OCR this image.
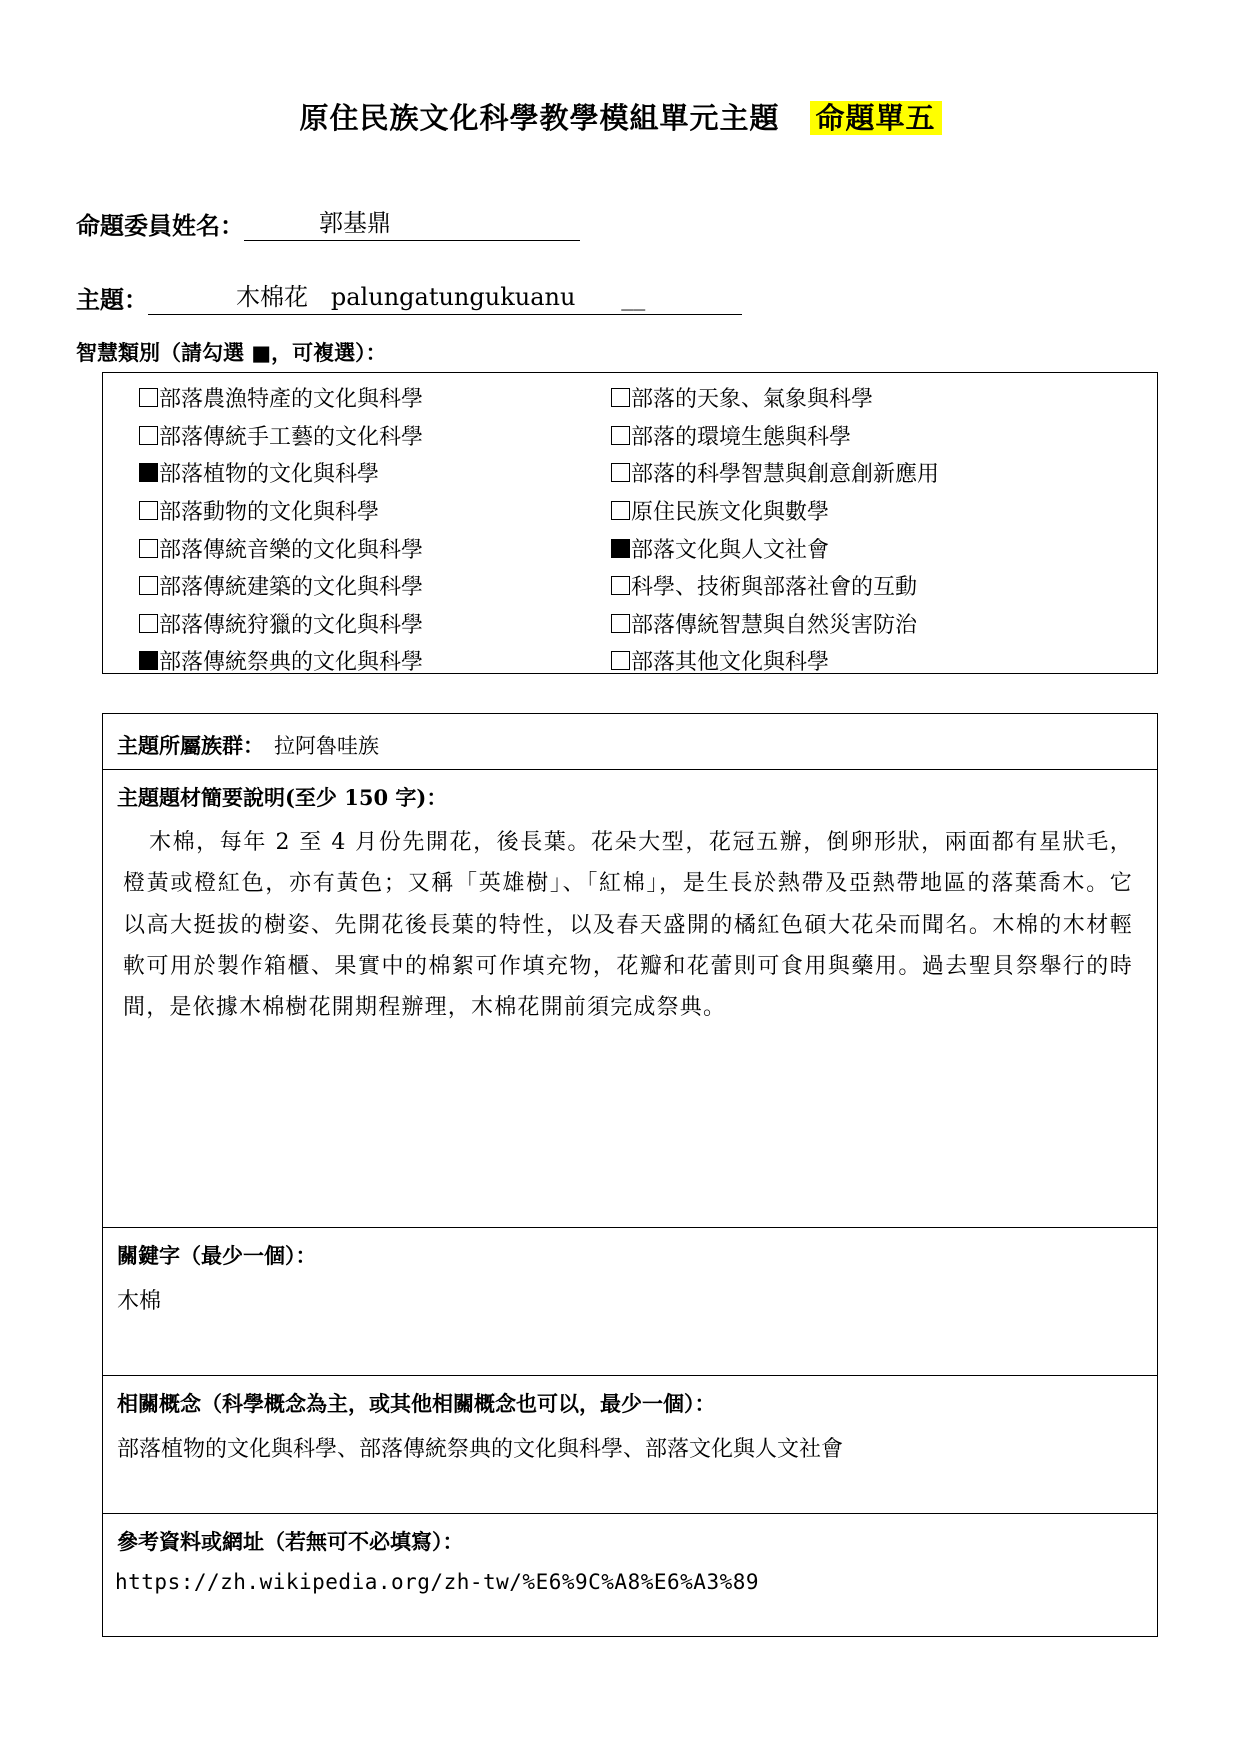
原住民族文化科學教學模組單元主題 命題單五
命題委員姓名：	郭基鼎
主題：	木棉花   palungatungukuanu      __
智慧類別（請勾選 ■，可複選）：
部落農漁特產的文化與科學
部落傳統手工藝的文化科學
部落植物的文化與科學
部落動物的文化與科學
部落傳統音樂的文化與科學
部落傳統建築的文化與科學
部落傳統狩獵的文化與科學
部落傳統祭典的文化與科學
部落的天象、氣象與科學
部落的環境生態與科學
部落的科學智慧與創意創新應用
原住民族文化與數學
部落文化與人文社會
科學、技術與部落社會的互動
部落傳統智慧與自然災害防治
部落其他文化與科學
主題所屬族群： 拉阿魯哇族
主題題材簡要說明(至少 150 字)：
木棉，每年 2 至 4 月份先開花，後長葉。花朵大型，花冠五辦，倒卵形狀，兩面都有星狀毛，橙黃或橙紅色，亦有黃色；又稱「英雄樹」、「紅棉」，是生長於熱帶及亞熱帶地區的落葉喬木。它以高大挺拔的樹姿、先開花後長葉的特性，以及春天盛開的橘紅色碩大花朵而聞名。木棉的木材輕軟可用於製作箱櫃、果實中的棉絮可作填充物，花瓣和花蕾則可食用與藥用。過去聖貝祭舉行的時間，是依據木棉樹花開期程辦理，木棉花開前須完成祭典。
關鍵字（最少一個）：
木棉
相關概念（科學概念為主，或其他相關概念也可以，最少一個）：
部落植物的文化與科學、部落傳統祭典的文化與科學、部落文化與人文社會
參考資料或網址（若無可不必填寫）：
https://zh.wikipedia.org/zh-tw/%E6%9C%A8%E6%A3%89
